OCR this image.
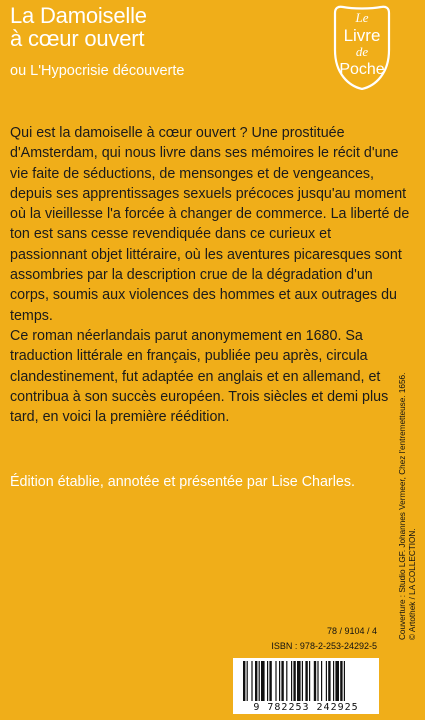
La Damoiselle
à cœur ouvert
ou L'Hypocrisie découverte
Le
Livre
de
Poche

Qui est la damoiselle à cœur ouvert ? Une prostituée d'Amsterdam, qui nous livre dans ses mémoires le récit d'une vie faite de séductions, de mensonges et de vengeances, depuis ses apprentissages sexuels précoces jusqu'au moment où la vieillesse l'a forcée à changer de commerce. La liberté de ton est sans cesse revendiquée dans ce curieux et passionnant objet littéraire, où les aventures picaresques sont assombries par la description crue de la dégradation d'un corps, soumis aux violences des hommes et aux outrages du temps.

Ce roman néerlandais parut anonymement en 1680. Sa traduction littérale en français, publiée peu après, circula clandestinement, fut adaptée en anglais et en allemand, et contribua à son succès européen. Trois siècles et demi plus tard, en voici la première réédition.

Édition établie, annotée et présentée par Lise Charles.	Couverture : Studio LGF. Johannes Vermeer, Chez l'entremetteuse. 1656. © Artothek / LA COLLECTION.
78 / 9104 / 4
ISBN : 978-2-253-24292-5
9 782253 242925
